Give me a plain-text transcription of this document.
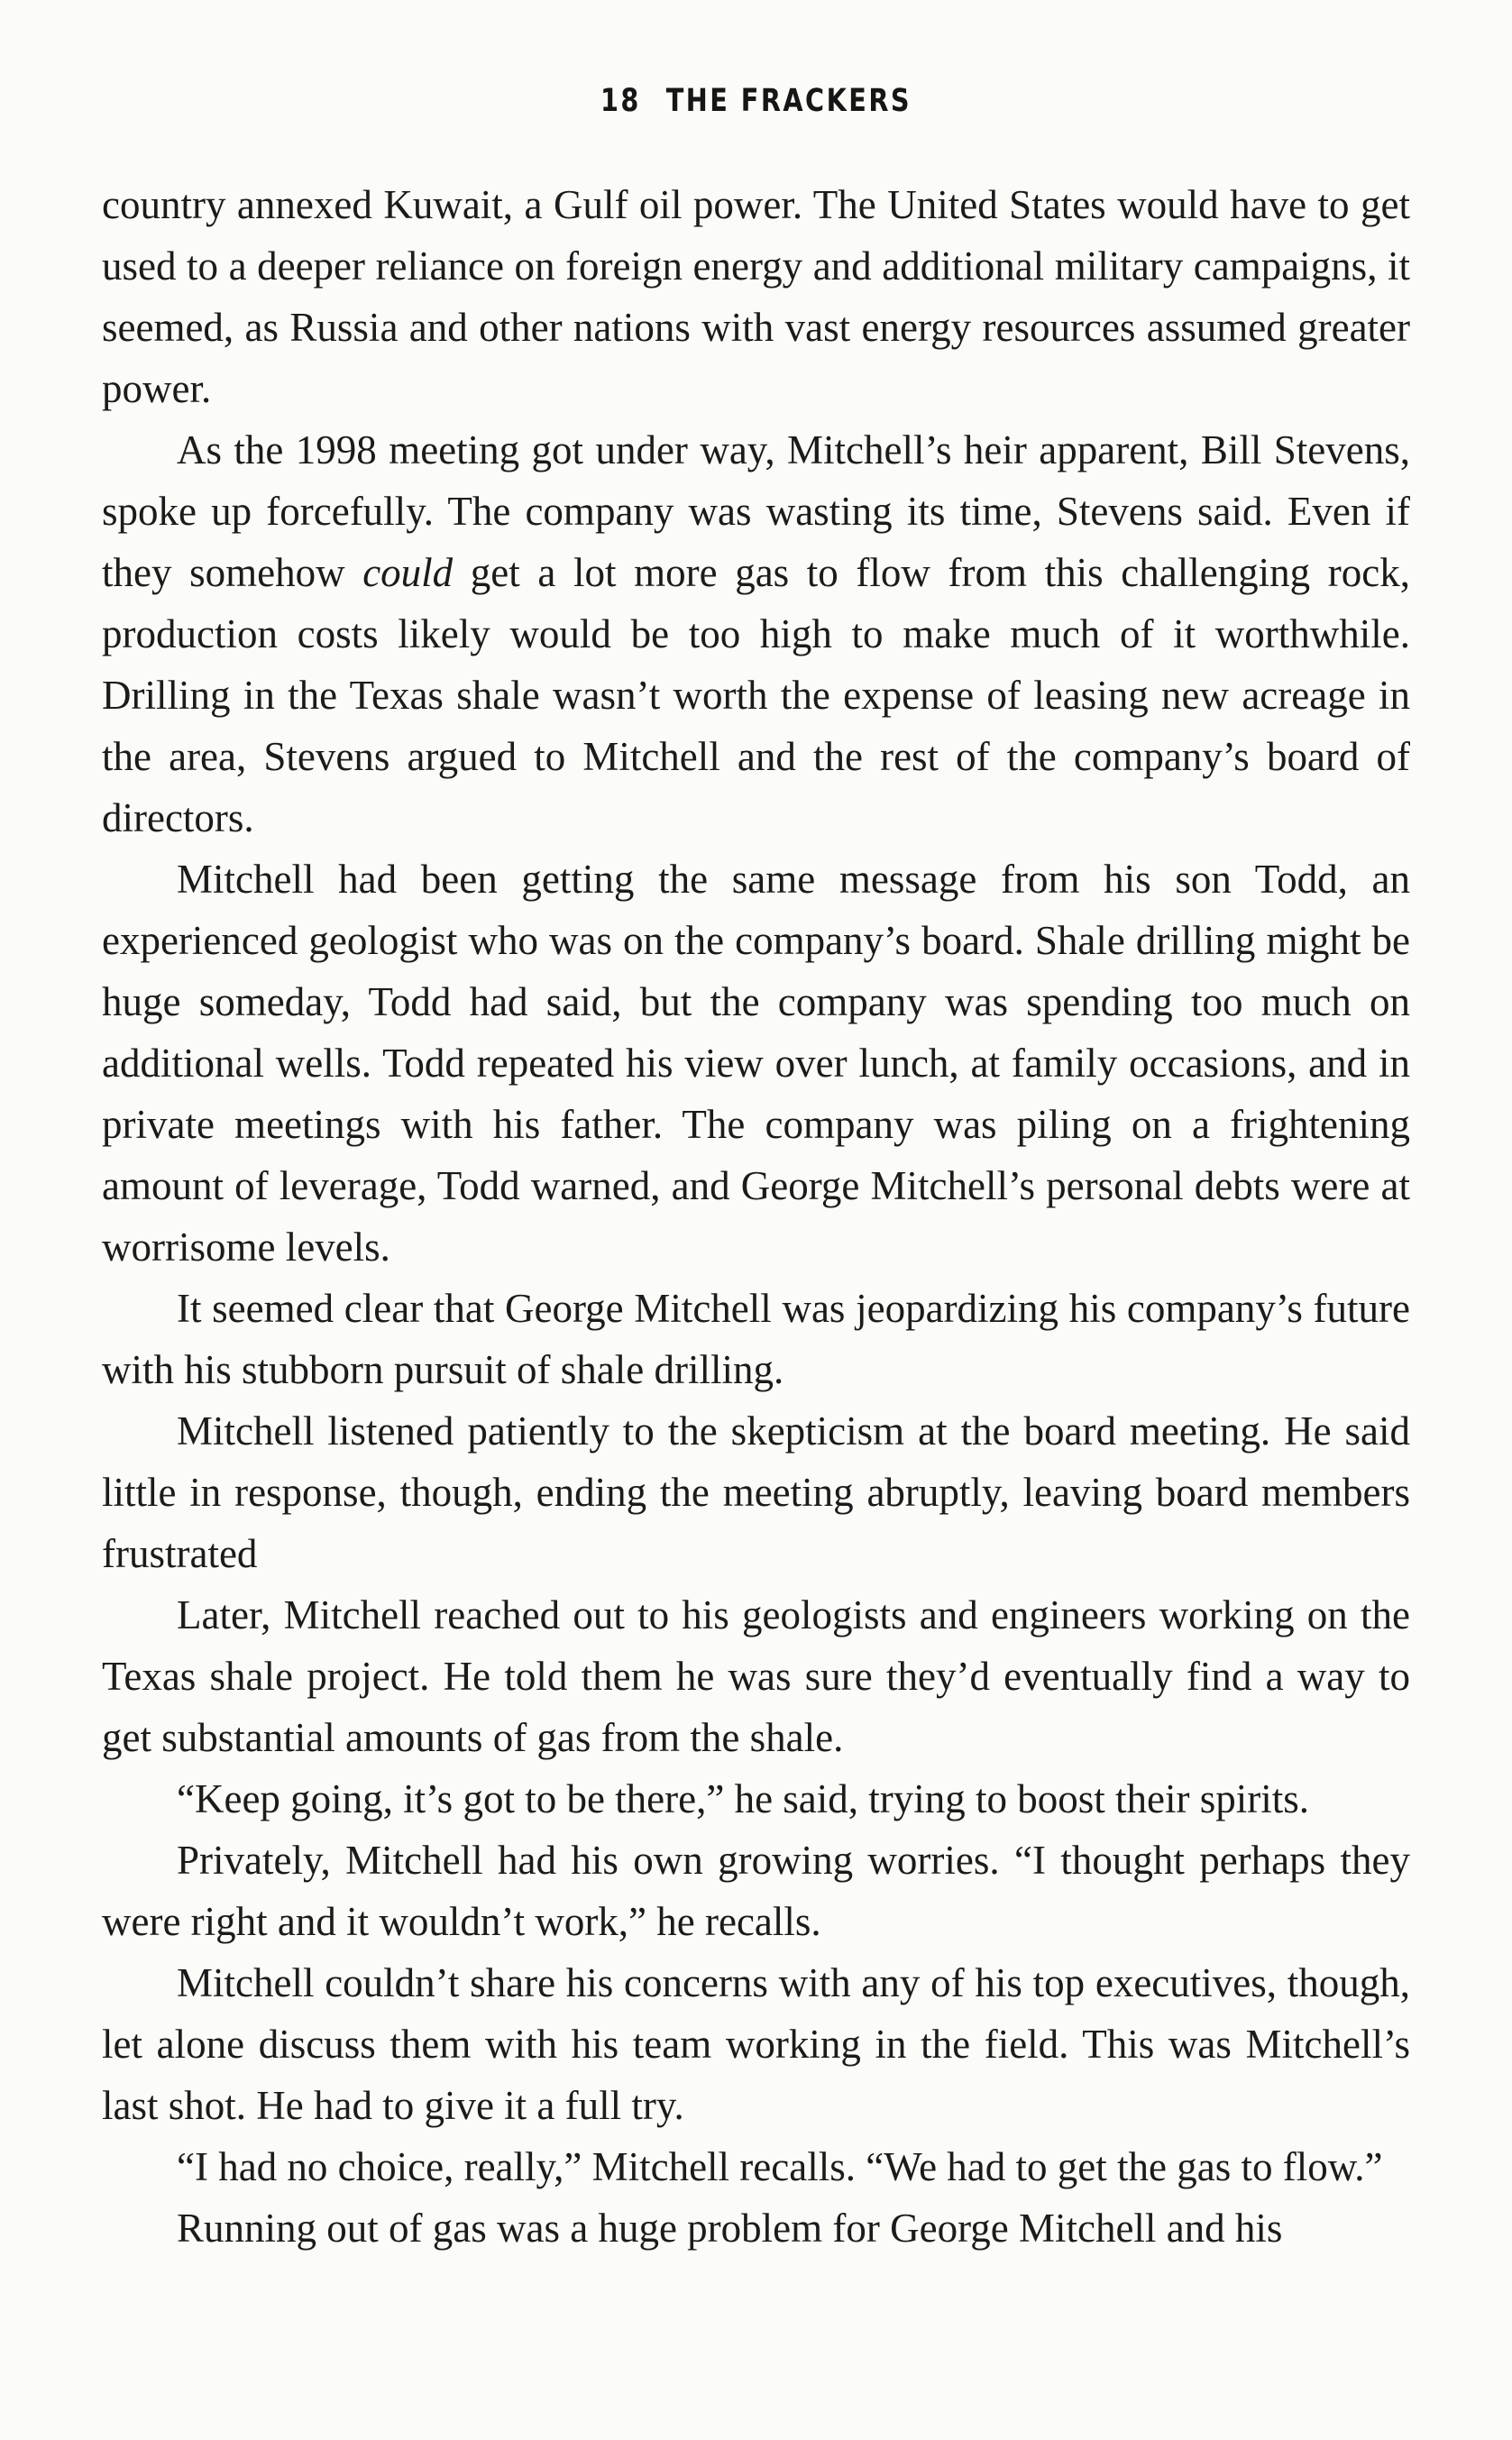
18 THE FRACKERS

country annexed Kuwait, a Gulf oil power. The United States would have to get used to a deeper reliance on foreign energy and additional military campaigns, it seemed, as Russia and other nations with vast energy resources assumed greater power.

As the 1998 meeting got under way, Mitchell’s heir apparent, Bill Stevens, spoke up forcefully. The company was wasting its time, Stevens said. Even if they somehow could get a lot more gas to flow from this challenging rock, production costs likely would be too high to make much of it worthwhile. Drilling in the Texas shale wasn’t worth the expense of leasing new acreage in the area, Stevens argued to Mitchell and the rest of the company’s board of directors.

Mitchell had been getting the same message from his son Todd, an experienced geologist who was on the company’s board. Shale drilling might be huge someday, Todd had said, but the company was spending too much on additional wells. Todd repeated his view over lunch, at family occasions, and in private meetings with his father. The company was piling on a frightening amount of leverage, Todd warned, and George Mitchell’s personal debts were at worrisome levels.

It seemed clear that George Mitchell was jeopardizing his company’s future with his stubborn pursuit of shale drilling.

Mitchell listened patiently to the skepticism at the board meeting. He said little in response, though, ending the meeting abruptly, leaving board members frustrated

Later, Mitchell reached out to his geologists and engineers working on the Texas shale project. He told them he was sure they’d eventually find a way to get substantial amounts of gas from the shale.

“Keep going, it’s got to be there,” he said, trying to boost their spirits.

Privately, Mitchell had his own growing worries. “I thought perhaps they were right and it wouldn’t work,” he recalls.

Mitchell couldn’t share his concerns with any of his top executives, though, let alone discuss them with his team working in the field. This was Mitchell’s last shot. He had to give it a full try.

“I had no choice, really,” Mitchell recalls. “We had to get the gas to flow.”

Running out of gas was a huge problem for George Mitchell and his
